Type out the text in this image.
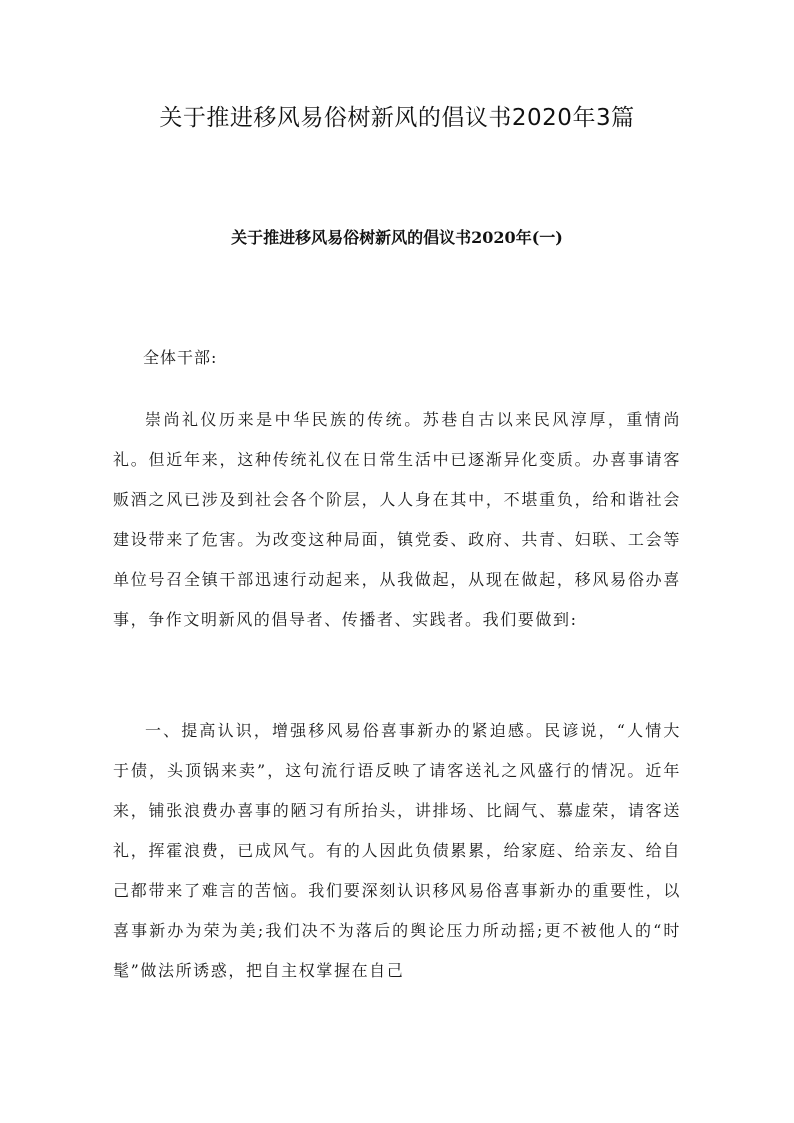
关于推进移风易俗树新风的倡议书2020年3篇
关于推进移风易俗树新风的倡议书2020年(一)

全体干部:

崇尚礼仪历来是中华民族的传统。苏巷自古以来民风淳厚，重情尚礼。但近年来，这种传统礼仪在日常生活中已逐渐异化变质。办喜事请客贩酒之风已涉及到社会各个阶层，人人身在其中，不堪重负，给和谐社会建设带来了危害。为改变这种局面，镇党委、政府、共青、妇联、工会等单位号召全镇干部迅速行动起来，从我做起，从现在做起，移风易俗办喜事，争作文明新风的倡导者、传播者、实践者。我们要做到:

一、提高认识，增强移风易俗喜事新办的紧迫感。民谚说，“人情大于债，头顶锅来卖”，这句流行语反映了请客送礼之风盛行的情况。近年来，铺张浪费办喜事的陋习有所抬头，讲排场、比阔气、慕虚荣，请客送礼，挥霍浪费，已成风气。有的人因此负债累累，给家庭、给亲友、给自己都带来了难言的苦恼。我们要深刻认识移风易俗喜事新办的重要性，以喜事新办为荣为美;我们决不为落后的舆论压力所动摇;更不被他人的“时髦”做法所诱惑，把自主权掌握在自己
